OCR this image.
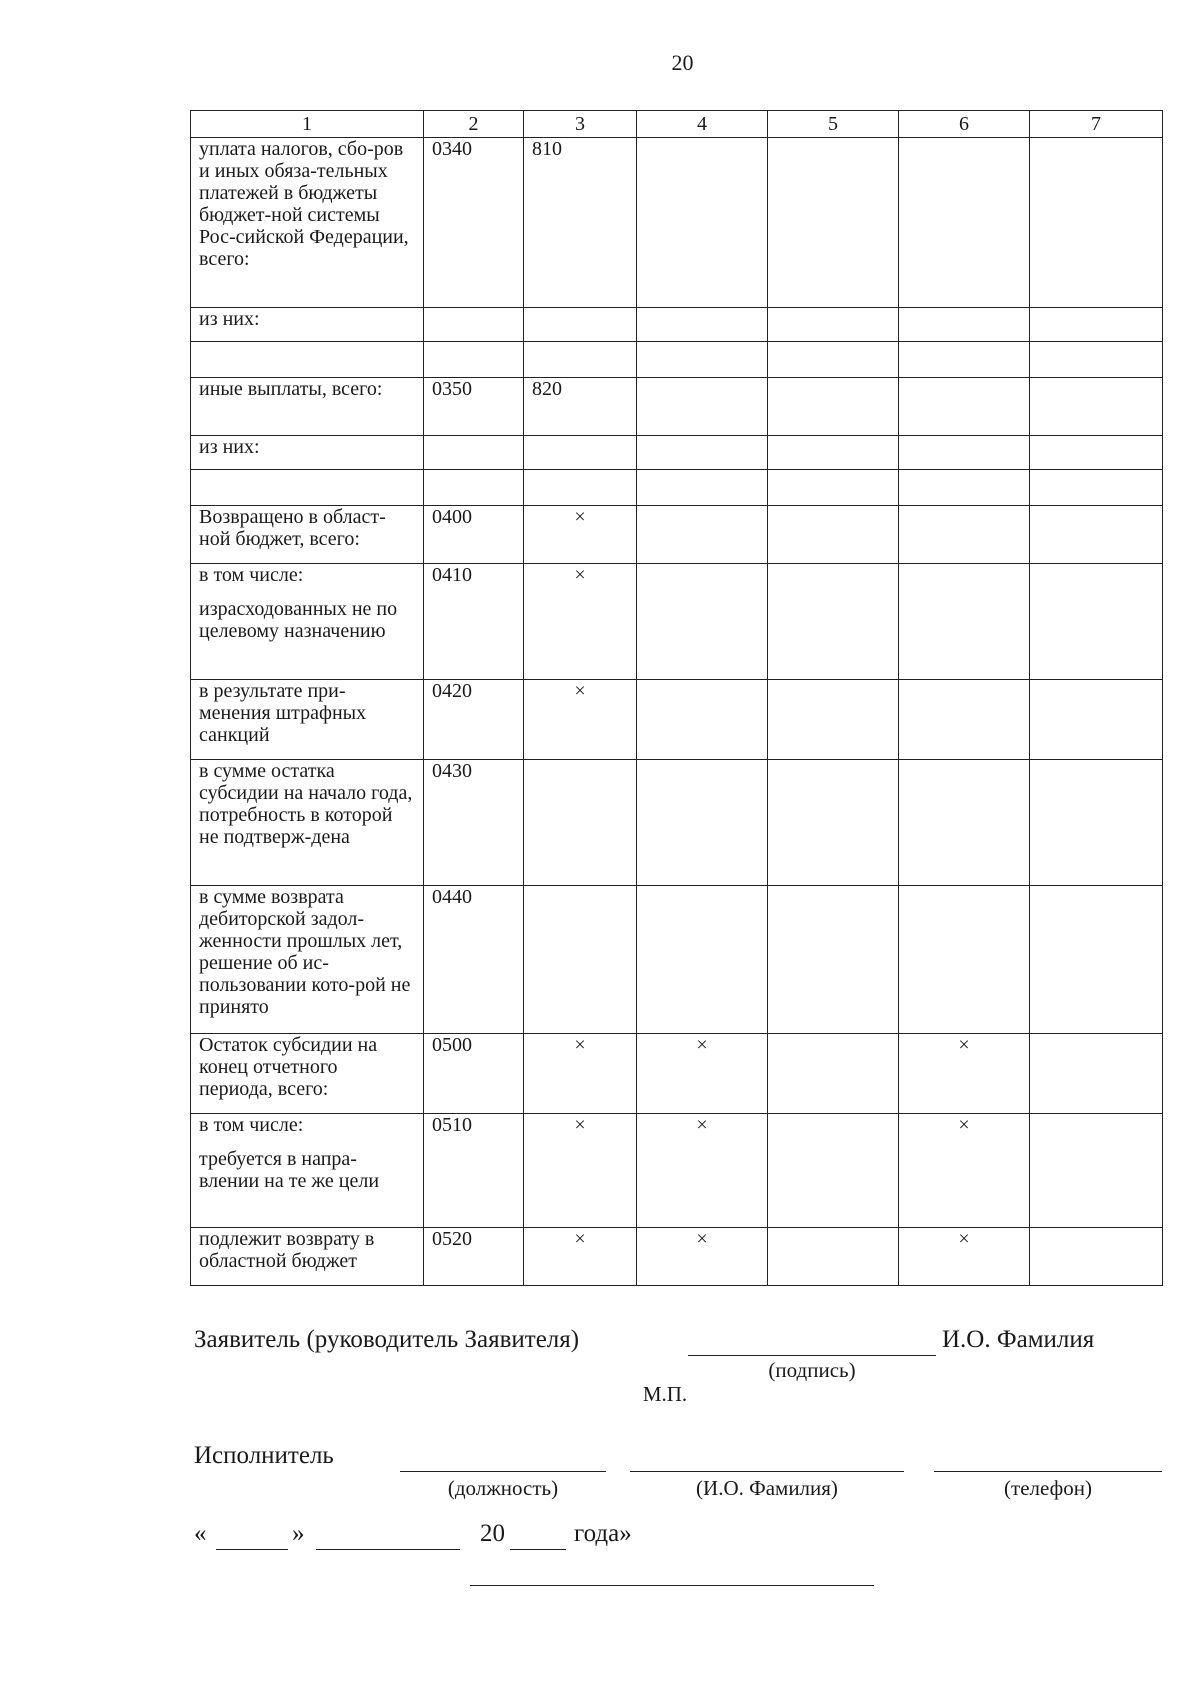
20
1	2	3	4	5	6	7

уплата налогов, сбо-ров и иных обяза-тельных платежей в бюджеты бюджет-ной системы Рос-сийской Федерации, всего:	0340	810				

из них:						

иные выплаты, всего:	0350	820				

из них:						

Возвращено в област-ной бюджет, всего:	0400	×				

в том числе:

израсходованных не по целевому назначению	0410	×				

в результате при-менения штрафных санкций	0420	×				

в сумме остатка субсидии на начало года, потребность в которой не подтверж-дена	0430					

в сумме возврата дебиторской задол-женности прошлых лет, решение об ис-пользовании кото-рой не принято	0440					

Остаток субсидии на конец отчетного периода, всего:	0500	×	×		×	

в том числе:

требуется в напра-влении на те же цели	0510	×	×		×	

подлежит возврату в областной бюджет	0520	×	×		×	
Заявитель (руководитель Заявителя)	И.О. Фамилия
(подпись)
М.П.
Исполнитель
(должность)	(И.О. Фамилия)	(телефон)
«	»	20	года»
